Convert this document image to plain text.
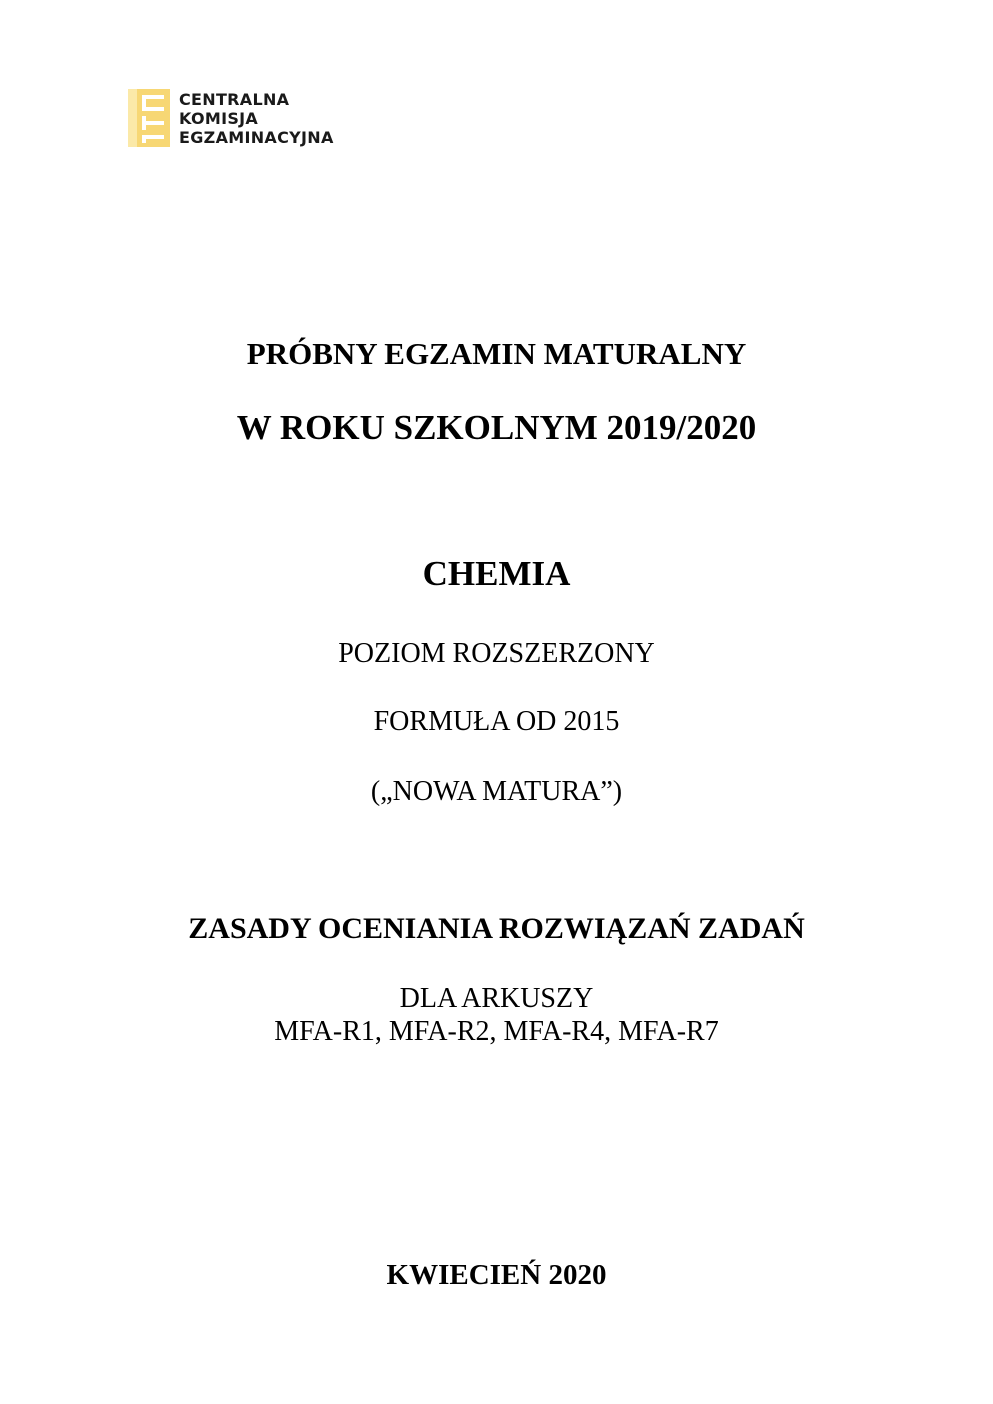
CENTRALNA
KOMISJA
EGZAMINACYJNA
PRÓBNY EGZAMIN MATURALNY
W ROKU SZKOLNYM 2019/2020
CHEMIA
POZIOM ROZSZERZONY
FORMUŁA OD 2015
(„NOWA MATURA”)
ZASADY OCENIANIA ROZWIĄZAŃ ZADAŃ
DLA ARKUSZY
MFA-R1, MFA-R2, MFA-R4, MFA-R7
KWIECIEŃ 2020
